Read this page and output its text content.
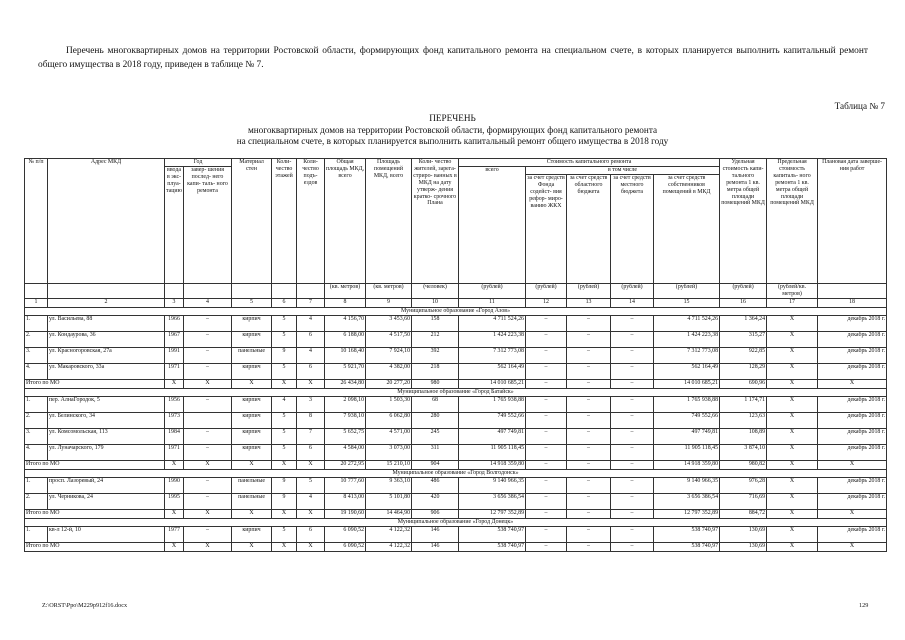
Перечень многоквартирных домов на территории Ростовской области, формирующих фонд капитального ремонта на специальном счете, в которых планируется выполнить капитальный ремонт общего имущества в 2018 году, приведен в таблице № 7.
Таблица № 7
ПЕРЕЧЕНЬ
многоквартирных домов на территории Ростовской области, формирующих фонд капитального ремонта
на специальном счете, в которых планируется выполнить капитальный ремонт общего имущества в 2018 году
№ п/п	Адрес МКД	Год		Материал стен	Коли- чество этажей	Коли- чество подъ- ездов	Общая площадь МКД, всего	Площадь помещений МКД, всего	Коли- чество жителей, зарега- стриро- ванных в МКД на дату утверж- дения кратко- срочного Плана	Стоимость капитального ремонта					Удельная стоимость капи- тального ремонта 1 кв. метра общей площади помещений МКД	Предельная стоимость капиталь- ного ремонта 1 кв. метра общей площади помещений МКД	Плановая дата заверше- ния работ
		ввода в экс- плуа- тацию	завер- шения послед- него капи- таль- ного ремонта							всего	в том числе						
											за счет средств Фонда содейст- вия рефор- миро- ванию ЖКХ	за счет средств областного бюджета	за счет средств местного бюджета	за счет средств собственников помещений в МКД			
							(кв. метров)	(кв. метров)	(человек)	(рублей)	(рублей)	(рублей)	(рублей)	(рублей)	(рублей)	(рублей/кв. метров)	
1	2	3	4	5	6	7	8	9	10	11	12	13	14	15	16	17	18
Муниципальное образование «Город Азов»																	
1.	ул. Васильева, 88	1966	–	кирпич	5	4	4 156,70	3 453,60	158	4 711 524,26	–	–	–	4 711 524,26	1 364,24	X	декабрь 2018 г.
2.	ул. Кондаурова, 36	1967	–	кирпич	5	6	6 188,00	4 517,50	212	1 424 223,38	–	–	–	1 424 223,38	315,27	X	декабрь 2018 г.
3.	ул. Красногоровская, 27а	1991	–	панельные	9	4	10 168,40	7 924,10	392	7 312 773,08	–	–	–	7 312 773,08	922,85	X	декабрь 2018 г.
4.	ул. Макаровского, 33а	1971	–	кирпич	5	6	5 921,70	4 382,00	218	562 164,49	–	–	–	562 164,49	128,29	X	декабрь 2018 г.
Итого по МО		X	X	X	X	X	26 434,80	20 277,20	980	14 010 685,21	–	–	–	14 010 685,21	690,96	X	X
Муниципальное образование «Город Батайск»																	
1.	пер. АлнаГородок, 5	1956	–	кирпич	4	3	2 098,10	1 503,30	68	1 765 938,88	–	–	–	1 765 938,88	1 174,71	X	декабрь 2018 г.
2.	ул. Белинского, 34	1973		кирпич	5	8	7 938,10	6 062,80	280	749 552,66	–	–	–	749 552,66	123,63	X	декабрь 2018 г.
3.	ул. Комсомольская, 113	1984	–	кирпич	5	7	5 652,75	4 571,00	245	497 749,81	–	–	–	497 749,81	108,89	X	декабрь 2018 г.
4.	ул. Луначарского, 179	1971	–	кирпич	5	6	4 584,00	3 073,00	311	11 905 118,45	–	–	–	11 905 118,45	3 874,10	X	декабрь 2018 г.
Итого по МО		X	X	X	X	X	20 272,95	15 210,10	904	14 918 359,80	–	–	–	14 918 359,80	980,82	X	X
Муниципальное образование «Город Волгодонск»																	
1.	просп. Лазоревый, 24	1990	–	панельные	9	5	10 777,60	9 363,10	486	9 140 966,35	–	–	–	9 140 966,35	976,28	X	декабрь 2018 г.
2.	ул. Черникова, 24	1995	–	панельные	9	4	8 413,00	5 101,80	420	3 656 386,54	–	–	–	3 656 386,54	716,69	X	декабрь 2018 г.
Итого по МО		X	X	X	X	X	19 190,60	14 464,90	906	12 797 352,89	–	–	–	12 797 352,89	884,72	X	X
Муниципальное образование «Город Донецк»																	
1.	кв-л 12-й, 10	1977	–	кирпич	5	6	6 090,52	4 122,32	146	538 740,97	–	–	–	538 740,97	130,69	X	декабрь 2018 г.
Итого по МО		X	X	X	X	X	6 090,52	4 122,32	146	538 740,97	–	–	–	538 740,97	130,69	X	X
Z:\ORST\Ppo\M229p912f16.docx	129
